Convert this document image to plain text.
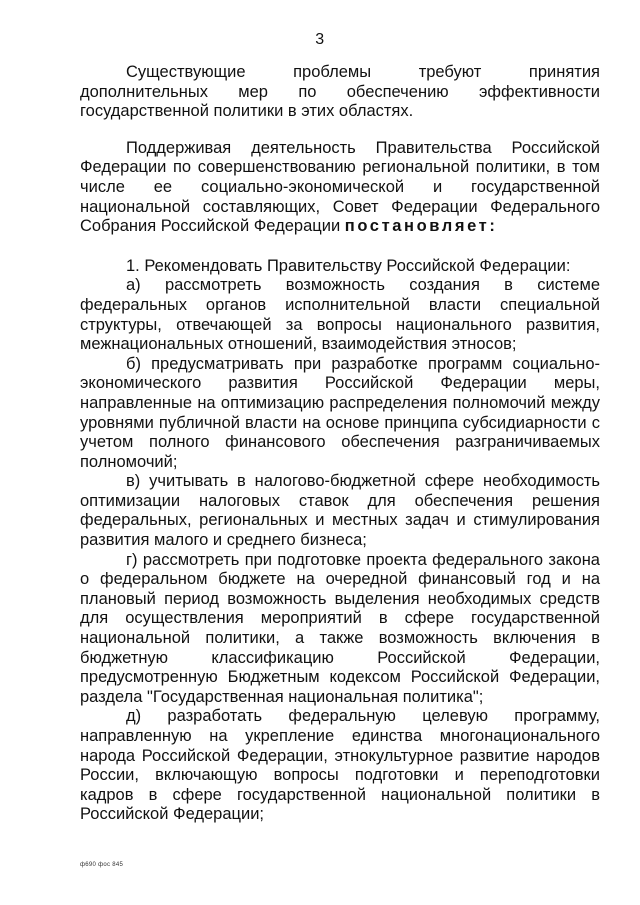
3

Существующие проблемы требуют принятия дополнительных мер по обеспечению эффективности государственной политики в этих областях.

Поддерживая деятельность Правительства Российской Федерации по совершенствованию региональной политики, в том числе ее социально-экономической и государственной национальной составляющих, Совет Федерации Федерального Собрания Российской Федерации постановляет:

1. Рекомендовать Правительству Российской Федерации:

а) рассмотреть возможность создания в системе федеральных органов исполнительной власти специальной структуры, отвечающей за вопросы национального развития, межнациональных отношений, взаимодействия этносов;

б) предусматривать при разработке программ социально-экономического развития Российской Федерации меры, направленные на оптимизацию распределения полномочий между уровнями публичной власти на основе принципа субсидиарности с учетом полного финансового обеспечения разграничиваемых полномочий;

в) учитывать в налогово-бюджетной сфере необходимость оптимизации налоговых ставок для обеспечения решения федеральных, региональных и местных задач и стимулирования развития малого и среднего бизнеса;

г) рассмотреть при подготовке проекта федерального закона о федеральном бюджете на очередной финансовый год и на плановый период возможность выделения необходимых средств для осуществления мероприятий в сфере государственной национальной политики, а также возможность включения в бюджетную классификацию Российской Федерации, предусмотренную Бюджетным кодексом Российской Федерации, раздела "Государственная национальная политика";

д) разработать федеральную целевую программу, направленную на укрепление единства многонационального народа Российской Федерации, этнокультурное развитие народов России, включающую вопросы подготовки и переподготовки кадров в сфере государственной национальной политики в Российской Федерации;

ф690 фос 845
